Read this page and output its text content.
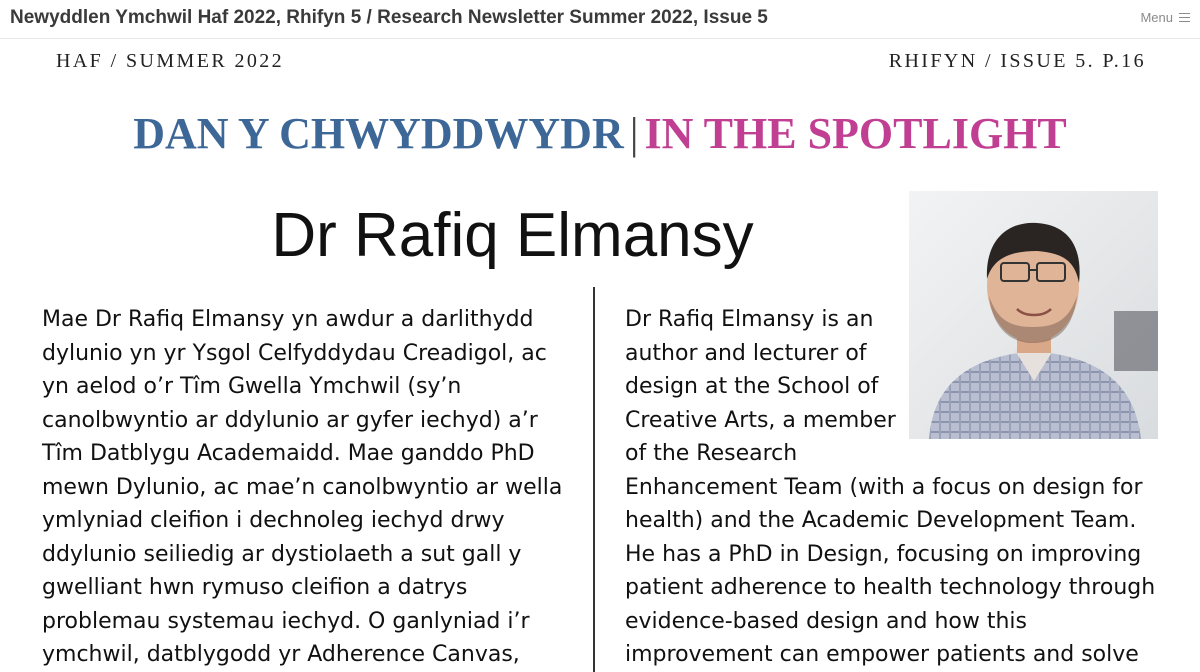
Newyddlen Ymchwil Haf 2022, Rhifyn 5 / Research Newsletter Summer 2022, Issue 5	Menu
HAF / SUMMER 2022	RHIFYN / ISSUE 5. P.16
DAN Y CHWYDDWYDR | IN THE SPOTLIGHT
Dr Rafiq Elmansy
Mae Dr Rafiq Elmansy yn awdur a darlithydd
dylunio yn yr Ysgol Celfyddydau Creadigol, ac
yn aelod o’r Tîm Gwella Ymchwil (sy’n
canolbwyntio ar ddylunio ar gyfer iechyd) a’r
Tîm Datblygu Academaidd. Mae ganddo PhD
mewn Dylunio, ac mae’n canolbwyntio ar wella
ymlyniad cleifion i dechnoleg iechyd drwy
ddylunio seiliedig ar dystiolaeth a sut gall y
gwelliant hwn rymuso cleifion a datrys
problemau systemau iechyd. O ganlyniad i’r
ymchwil, datblygodd yr Adherence Canvas,
Dr Rafiq Elmansy is an
author and lecturer of
design at the School of
Creative Arts, a member
of the Research
Enhancement Team (with a focus on design for
health) and the Academic Development Team.
He has a PhD in Design, focusing on improving
patient adherence to health technology through
evidence-based design and how this
improvement can empower patients and solve
